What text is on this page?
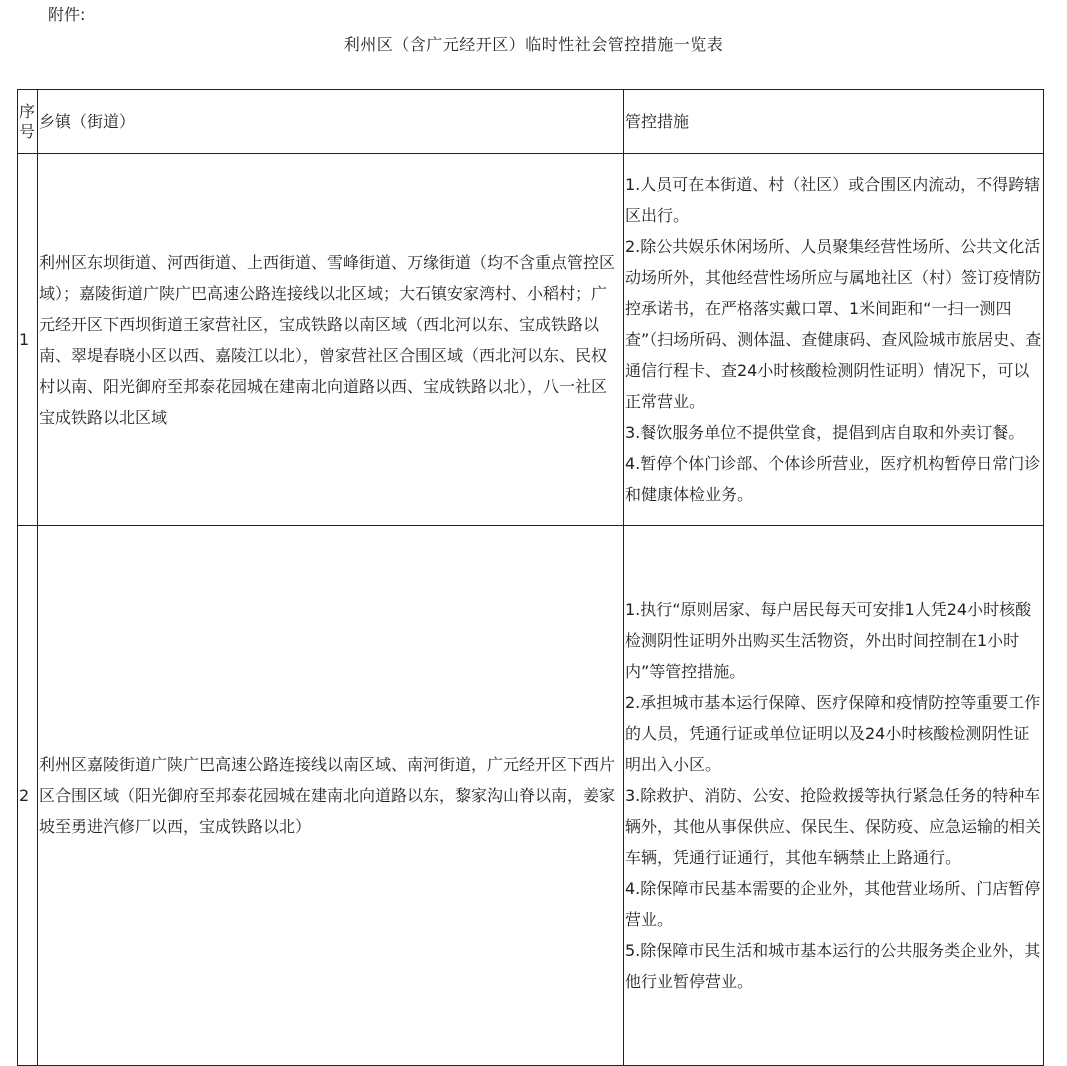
附件:
利州区（含广元经开区）临时性社会管控措施一览表
序
号	乡镇（街道）	管控措施
1	利州区东坝街道、河西街道、上西街道、雪峰街道、万缘街道（均不含重点管控区域）；嘉陵街道广陕广巴高速公路连接线以北区域；大石镇安家湾村、小稻村；广元经开区下西坝街道王家营社区，宝成铁路以南区域（西北河以东、宝成铁路以南、翠堤春晓小区以西、嘉陵江以北），曾家营社区合围区域（西北河以东、民权村以南、阳光御府至邦泰花园城在建南北向道路以西、宝成铁路以北），八一社区宝成铁路以北区域	1.人员可在本街道、村（社区）或合围区内流动，不得跨辖区出行。
2.除公共娱乐休闲场所、人员聚集经营性场所、公共文化活动场所外，其他经营性场所应与属地社区（村）签订疫情防控承诺书，在严格落实戴口罩、1米间距和“一扫一测四查”（扫场所码、测体温、查健康码、查风险城市旅居史、查通信行程卡、查24小时核酸检测阴性证明）情况下，可以正常营业。
3.餐饮服务单位不提供堂食，提倡到店自取和外卖订餐。
4.暂停个体门诊部、个体诊所营业，医疗机构暂停日常门诊和健康体检业务。

2	利州区嘉陵街道广陕广巴高速公路连接线以南区域、南河街道，广元经开区下西片区合围区域（阳光御府至邦泰花园城在建南北向道路以东，黎家沟山脊以南，姜家坡至勇进汽修厂以西，宝成铁路以北）	1.执行“原则居家、每户居民每天可安排1人凭24小时核酸检测阴性证明外出购买生活物资，外出时间控制在1小时内”等管控措施。
2.承担城市基本运行保障、医疗保障和疫情防控等重要工作的人员，凭通行证或单位证明以及24小时核酸检测阴性证明出入小区。
3.除救护、消防、公安、抢险救援等执行紧急任务的特种车辆外，其他从事保供应、保民生、保防疫、应急运输的相关车辆，凭通行证通行，其他车辆禁止上路通行。
4.除保障市民基本需要的企业外，其他营业场所、门店暂停营业。
5.除保障市民生活和城市基本运行的公共服务类企业外，其他行业暂停营业。
